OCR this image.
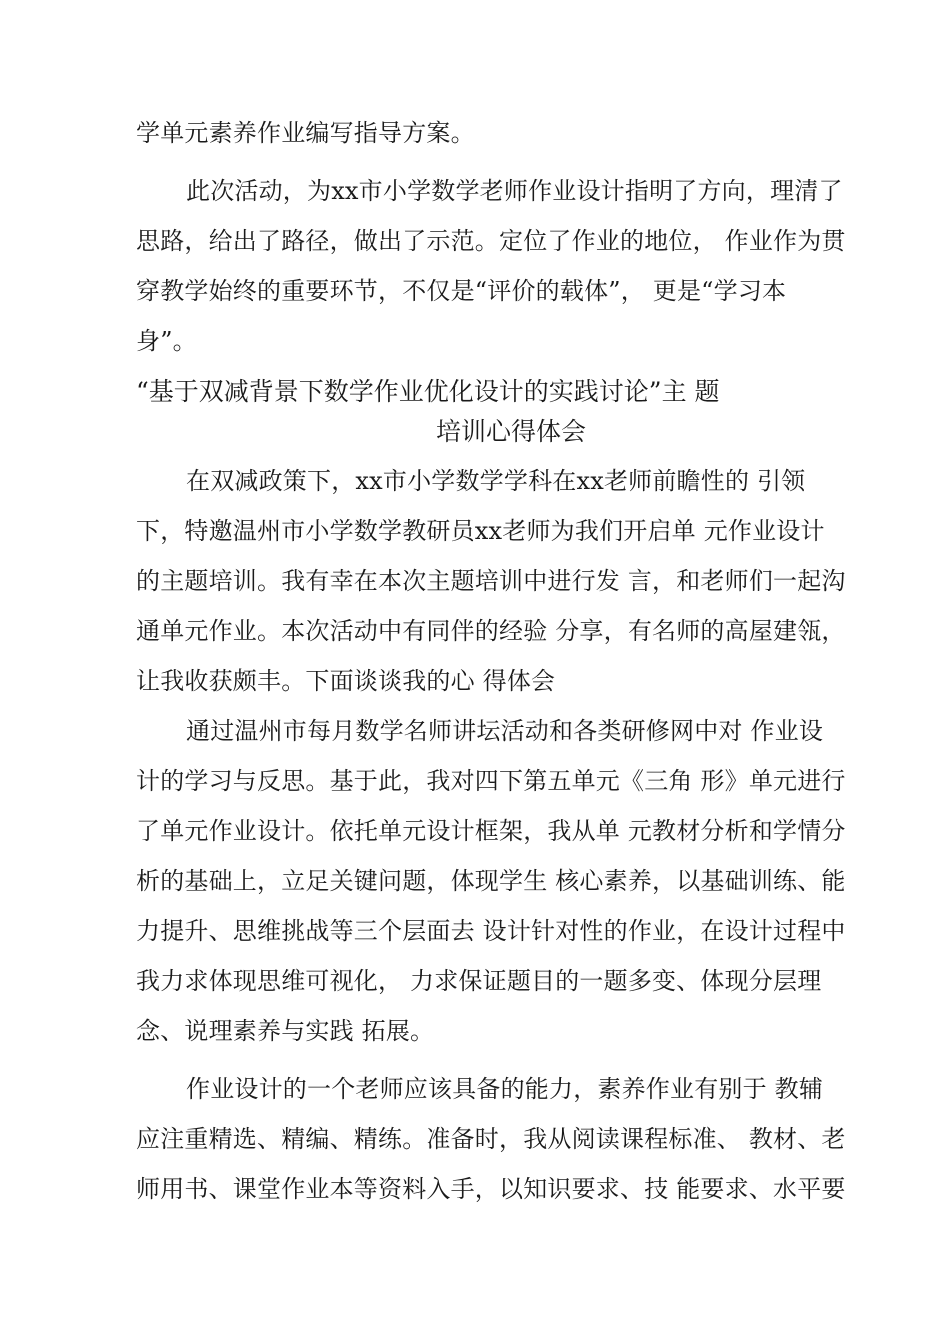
学单元素养作业编写指导方案。
此次活动，为xx市小学数学老师作业设计指明了方向，理清了
思路，给出了路径，做出了示范。定位了作业的地位， 作业作为贯
穿教学始终的重要环节，不仅是“评价的载体”， 更是“学习本
身”。
“基于双减背景下数学作业优化设计的实践讨论”主 题
培训心得体会
在双减政策下，xx市小学数学学科在xx老师前瞻性的 引领
下，特邀温州市小学数学教研员xx老师为我们开启单 元作业设计
的主题培训。我有幸在本次主题培训中进行发 言，和老师们一起沟
通单元作业。本次活动中有同伴的经验 分享，有名师的高屋建瓴，
让我收获颇丰。下面谈谈我的心 得体会
通过温州市每月数学名师讲坛活动和各类研修网中对 作业设
计的学习与反思。基于此，我对四下第五单元《三角 形》单元进行
了单元作业设计。依托单元设计框架，我从单 元教材分析和学情分
析的基础上，立足关键问题，体现学生 核心素养，以基础训练、能
力提升、思维挑战等三个层面去 设计针对性的作业，在设计过程中
我力求体现思维可视化， 力求保证题目的一题多变、体现分层理
念、说理素养与实践 拓展。
作业设计的一个老师应该具备的能力，素养作业有别于 教辅
应注重精选、精编、精练。准备时，我从阅读课程标准、 教材、老
师用书、课堂作业本等资料入手，以知识要求、技 能要求、水平要
